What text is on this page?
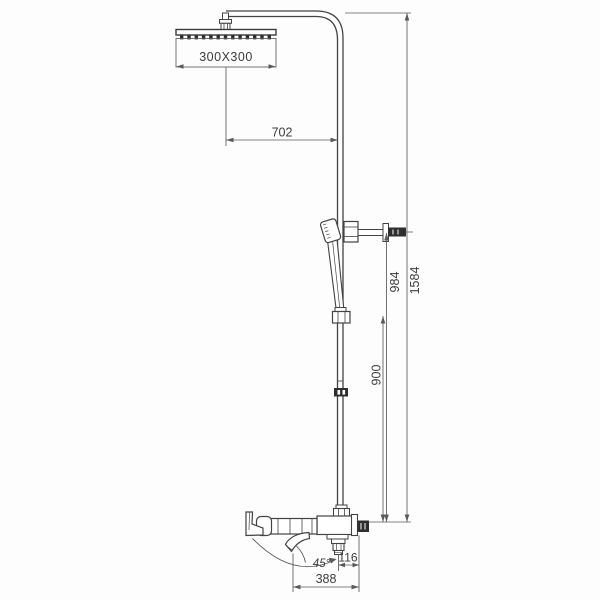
300X300
702
45°
900
984 1584
116
388
